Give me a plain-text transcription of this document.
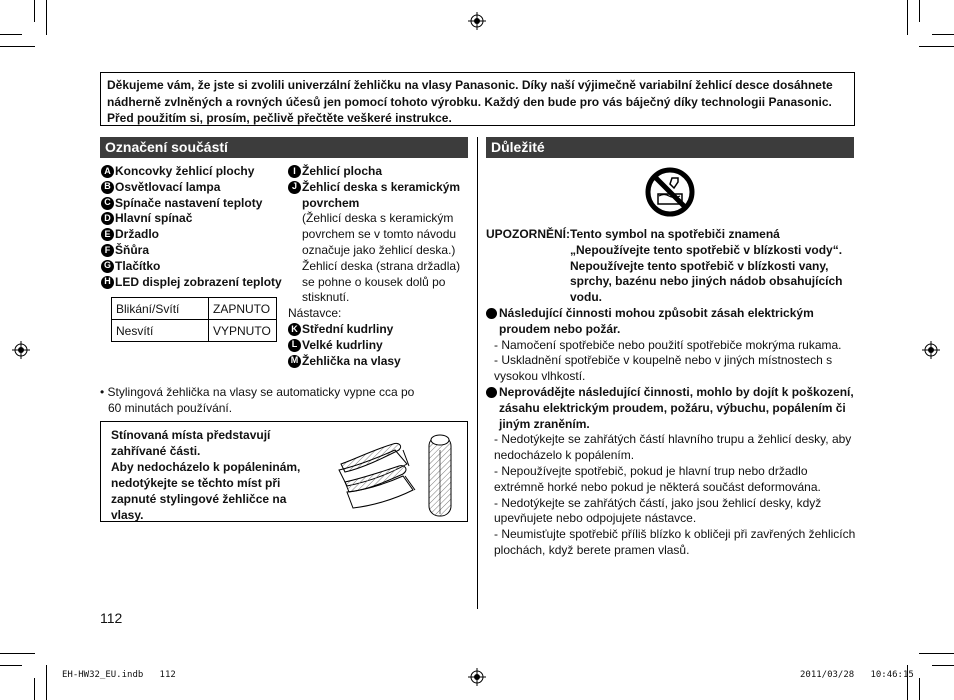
Děkujeme vám, že jste si zvolili univerzální žehličku na vlasy Panasonic. Díky naší výjimečně variabilní žehlicí desce dosáhnete nádherně zvlněných a rovných účesů jen pomocí tohoto výrobku. Každý den bude pro vás báječný díky technologii Panasonic. Před použitím si, prosím, pečlivě přečtěte veškeré instrukce.
Označení součástí	Důležité
A Koncovky žehlicí plochy
B Osvětlovací lampa
C Spínače nastavení teploty
D Hlavní spínač
E Držadlo
F Šňůra
G Tlačítko
H LED displej zobrazení teploty
Blikání/Svítí	ZAPNUTO
Nesvítí	VYPNUTO
I Žehlicí plocha
J Žehlicí deska s keramickým
povrchem
(Žehlicí deska s keramickým
povrchem se v tomto návodu
označuje jako žehlicí deska.)
Žehlicí deska (strana držadla)
se pohne o kousek dolů po
stisknutí.
Nástavce:
K Střední kudrliny
L Velké kudrliny
M Žehlička na vlasy
• Stylingová žehlička na vlasy se automaticky vypne cca po
60 minutách používání.
Stínovaná místa představují
zahřívané části.
Aby nedocházelo k popáleninám,
nedotýkejte se těchto míst při
zapnuté stylingové žehličce na
vlasy.
UPOZORNĚNÍ:Tento symbol na spotřebiči znamená
„Nepoužívejte tento spotřebič v blízkosti vody“.
Nepoužívejte tento spotřebič v blízkosti vany,
sprchy, bazénu nebo jiných nádob obsahujících
vodu.
Následující činnosti mohou způsobit zásah elektrickým
proudem nebo požár.
- Namočení spotřebiče nebo použití spotřebiče mokrýma rukama.
- Uskladnění spotřebiče v koupelně nebo v jiných místnostech s
vysokou vlhkostí.
Neprovádějte následující činnosti, mohlo by dojít k poškození,
zásahu elektrickým proudem, požáru, výbuchu, popálením či
jiným zraněním.
- Nedotýkejte se zahřátých částí hlavního trupu a žehlicí desky, aby
nedocházelo k popálením.
- Nepoužívejte spotřebič, pokud je hlavní trup nebo držadlo
extrémně horké nebo pokud je některá součást deformována.
- Nedotýkejte se zahřátých částí, jako jsou žehlicí desky, když
upevňujete nebo odpojujete nástavce.
- Neumisťujte spotřebič příliš blízko k obličeji při zavřených žehlicích
plochách, když berete pramen vlasů.
112
EH-HW32_EU.indb   112	2011/03/28   10:46:15
